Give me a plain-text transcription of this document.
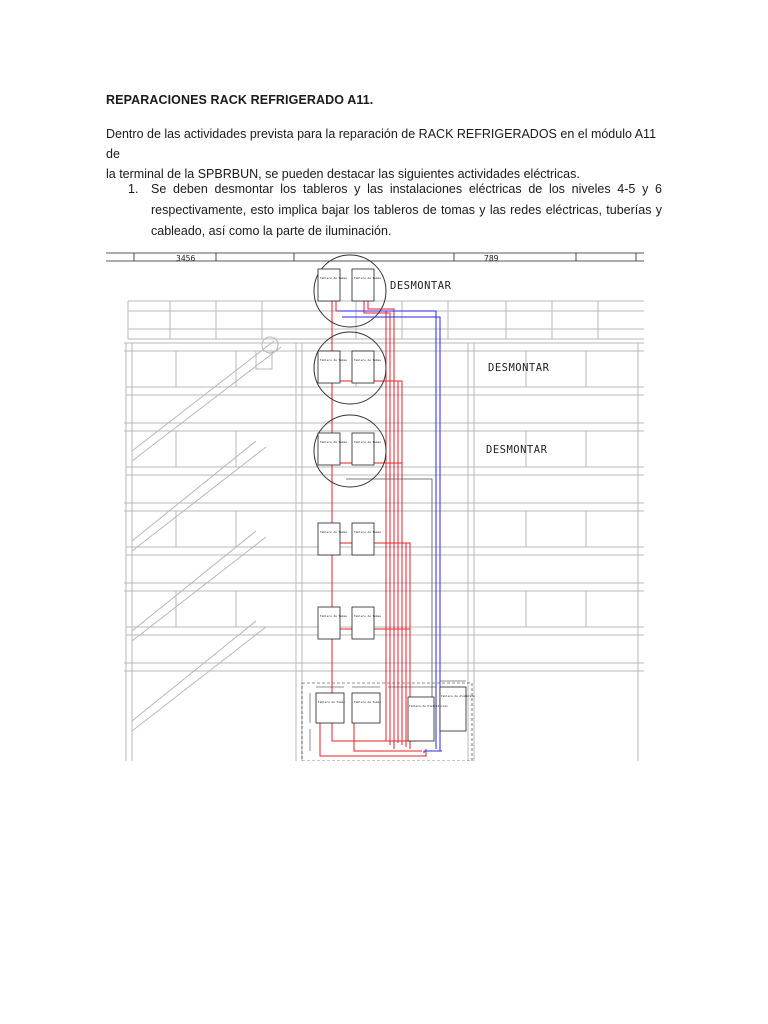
REPARACIONES RACK REFRIGERADO A11.
Dentro de las actividades prevista para la reparación de RACK REFRIGERADOS en el módulo A11 de
la terminal de la SPBRBUN, se pueden destacar las siguientes actividades eléctricas.
1. Se deben desmontar los tableros y las instalaciones eléctricas de los niveles 4-5 y 6
respectivamente, esto implica bajar los tableros de tomas y las redes eléctricas, tuberías y
cableado, así como la parte de iluminación.
3456	789
Tablero de Tomas	Tablero de Tomas
Tablero de Tomas	Tablero de Tomas
Tablero de Tomas	Tablero de Tomas
Tablero de Tomas	Tablero de Tomas
Tablero de Tomas	Tablero de Tomas
Tablero de Tomas	Tablero de Tomas
Tablero de Distribución
Tablero de Alumbrado
DESMONTAR
DESMONTAR
DESMONTAR
